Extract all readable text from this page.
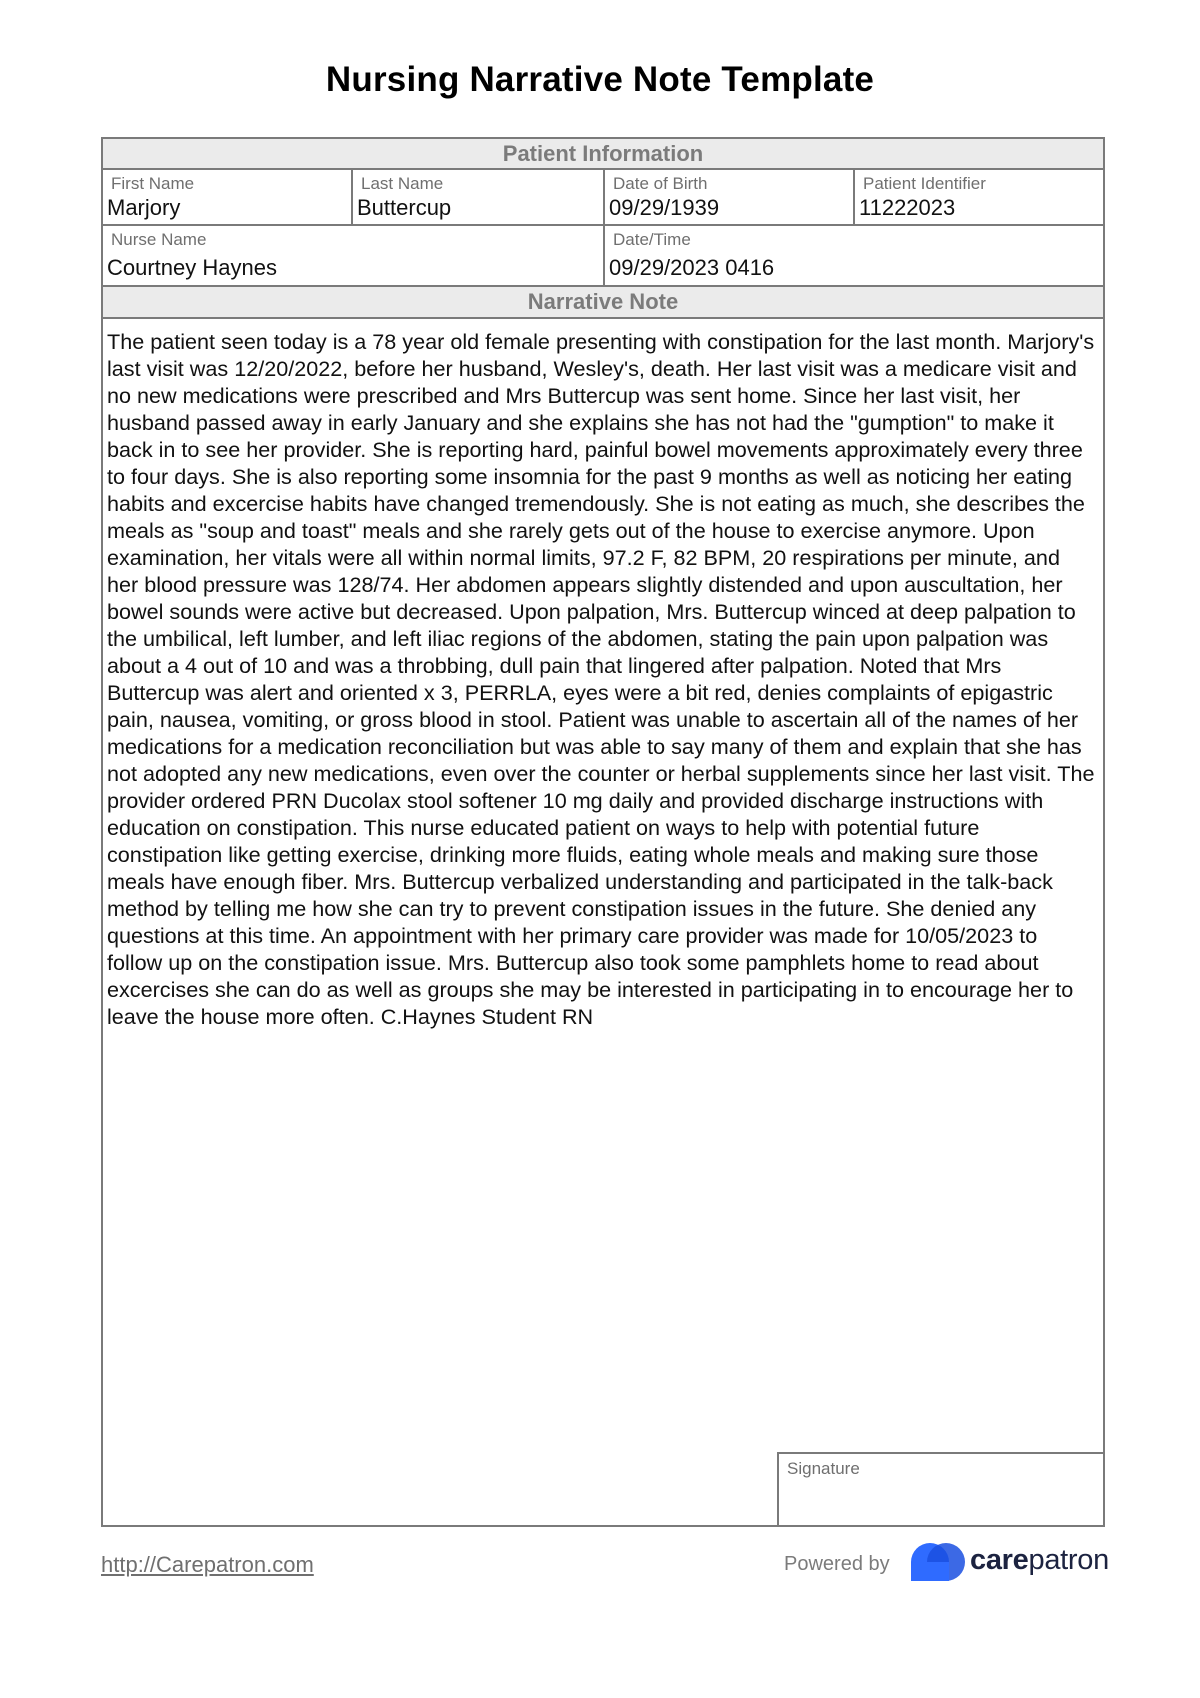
Nursing Narrative Note Template
Patient Information
First Name
Marjory
Last Name
Buttercup
Date of Birth
09/29/1939
Patient Identifier
11222023
Nurse Name
Courtney Haynes
Date/Time
09/29/2023 0416
Narrative Note

The patient seen today is a 78 year old female presenting with constipation for the last month. Marjory's last visit was 12/20/2022, before her husband, Wesley's, death. Her last visit was a medicare visit and no new medications were prescribed and Mrs Buttercup was sent home. Since her last visit, her husband passed away in early January and she explains she has not had the "gumption" to make it back in to see her provider. She is reporting hard, painful bowel movements approximately every three to four days. She is also reporting some insomnia for the past 9 months as well as noticing her eating habits and excercise habits have changed tremendously. She is not eating as much, she describes the meals as "soup and toast" meals and she rarely gets out of the house to exercise anymore. Upon examination, her vitals were all within normal limits, 97.2 F, 82 BPM, 20 respirations per minute, and her blood pressure was 128/74. Her abdomen appears slightly distended and upon auscultation, her bowel sounds were active but decreased. Upon palpation, Mrs. Buttercup winced at deep palpation to the umbilical, left lumber, and left iliac regions of the abdomen, stating the pain upon palpation was about a 4 out of 10 and was a throbbing, dull pain that lingered after palpation. Noted that Mrs Buttercup was alert and oriented x 3, PERRLA, eyes were a bit red, denies complaints of epigastric pain, nausea, vomiting, or gross blood in stool. Patient was unable to ascertain all of the names of her medications for a medication reconciliation but was able to say many of them and explain that she has not adopted any new medications, even over the counter or herbal supplements since her last visit. The provider ordered PRN Ducolax stool softener 10 mg daily and provided discharge instructions with education on constipation. This nurse educated patient on ways to help with potential future constipation like getting exercise, drinking more fluids, eating whole meals and making sure those meals have enough fiber. Mrs. Buttercup verbalized understanding and participated in the talk-back method by telling me how she can try to prevent constipation issues in the future. She denied any questions at this time. An appointment with her primary care provider was made for 10/05/2023 to follow up on the constipation issue. Mrs. Buttercup also took some pamphlets home to read about excercises she can do as well as groups she may be interested in participating in to encourage her to leave the house more often. C.Haynes Student RN

Signature
http://Carepatron.com	Powered by	carepatron
